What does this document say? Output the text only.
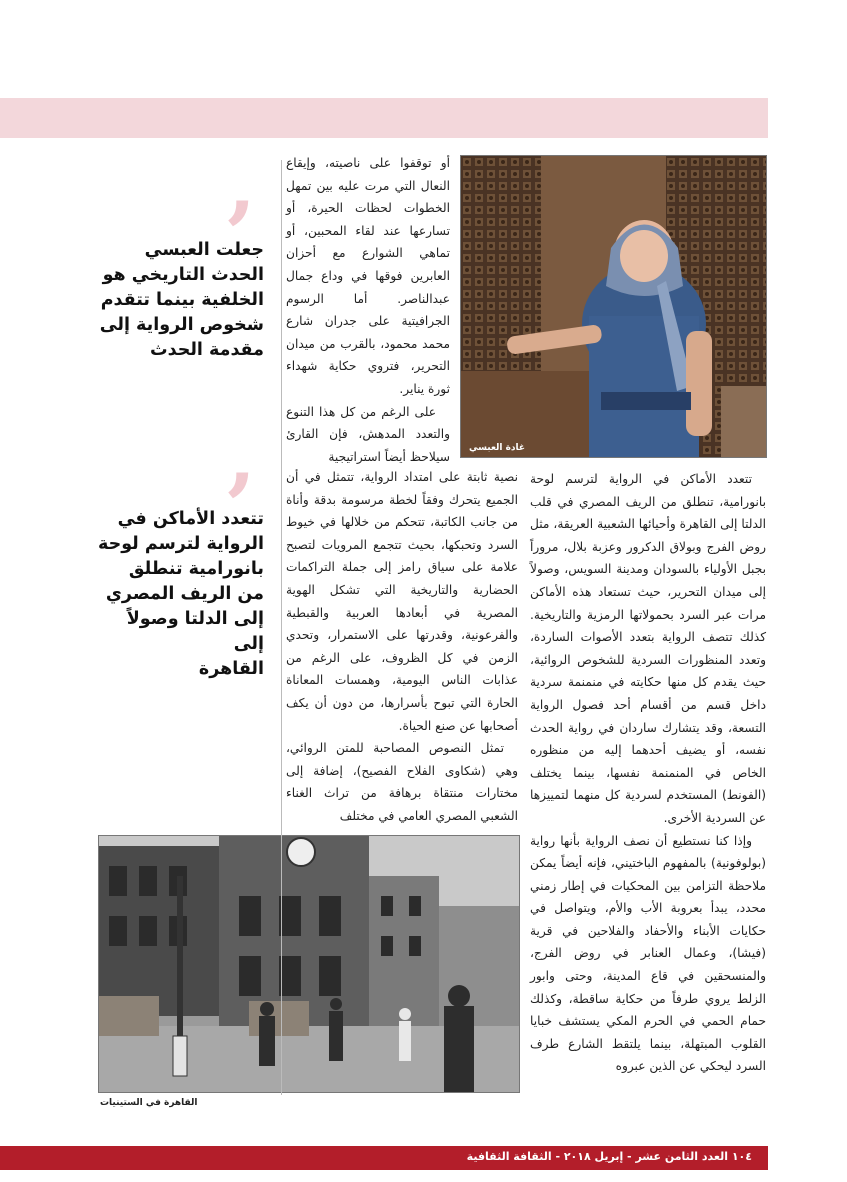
’
جعلت العبسي
الحدث التاريخي هو
الخلفية بينما تتقدم
شخوص الرواية إلى
مقدمة الحدث
’
تتعدد الأماكن في
الرواية لترسم لوحة
بانورامية تنطلق
من الريف المصري
إلى الدلتا وصولاً إلى
القاهرة
غادة العبسي
القاهرة في الستينيات

أو توقفوا على ناصيته، وإيقاع النعال التي مرت عليه بين تمهل الخطوات لحظات الحيرة، أو تسارعها عند لقاء المحبين، أو تماهي الشوارع مع أحزان العابرين فوقها في وداع جمال عبدالناصر. أما الرسوم الجرافيتية على جدران شارع محمد محمود، بالقرب من ميدان التحرير، فتروي حكاية شهداء ثورة يناير.

على الرغم من كل هذا التنوع والتعدد المدهش، فإن القارئ سيلاحظ أيضاً استراتيجية

نصية ثابتة على امتداد الرواية، تتمثل في أن الجميع يتحرك وفقاً لخطة مرسومة بدقة وأناة من جانب الكاتبة، تتحكم من خلالها في خيوط السرد وتحبكها، بحيث تتجمع المرويات لتصبح علامة على سياق رامز إلى جملة التراكمات الحضارية والتاريخية التي تشكل الهوية المصرية في أبعادها العربية والقبطية والفرعونية، وقدرتها على الاستمرار، وتحدي الزمن في كل الظروف، على الرغم من عذابات الناس اليومية، وهمسات المعاناة الحارة التي تبوح بأسرارها، من دون أن يكف أصحابها عن صنع الحياة.

تمثل النصوص المصاحبة للمتن الروائي، وهي (شكاوى الفلاح الفصيح)، إضافة إلى مختارات منتقاة برهافة من تراث الغناء الشعبي المصري العامي في مختلف

تتعدد الأماكن في الرواية لترسم لوحة بانورامية، تنطلق من الريف المصري في قلب الدلتا إلى القاهرة وأحيائها الشعبية العريقة، مثل روض الفرج وبولاق الدكرور وعزبة بلال، مروراً بجبل الأولياء بالسودان ومدينة السويس، وصولاً إلى ميدان التحرير، حيث تستعاد هذه الأماكن مرات عبر السرد بحمولاتها الرمزية والتاريخية. كذلك تتصف الرواية بتعدد الأصوات الساردة، وتعدد المنظورات السردية للشخوص الروائية، حيث يقدم كل منها حكايته في منمنمة سردية داخل قسم من أقسام أحد فصول الرواية التسعة، وقد يتشارك ساردان في رواية الحدث نفسه، أو يضيف أحدهما إليه من منظوره الخاص في المنمنمة نفسها، بينما يختلف (الفونط) المستخدم لسردية كل منهما لتمييزها عن السردية الأخرى.

وإذا كنا نستطيع أن نصف الرواية بأنها رواية (بولوفونية) بالمفهوم الباختيني، فإنه أيضاً يمكن ملاحظة التزامن بين المحكيات في إطار زمني محدد، يبدأ بعروبة الأب والأم، ويتواصل في حكايات الأبناء والأحفاد والفلاحين في قرية (فيشا)، وعمال العنابر في روض الفرج، والمنسحقين في قاع المدينة، وحتى وابور الزلط يروي طرفاً من حكاية ساقطة، وكذلك حمام الحمي في الحرم المكي يستشف خبايا القلوب المبتهلة، بينما يلتقط الشارع طرف السرد ليحكي عن الذين عبروه

١٠٤ العدد الثامن عشر - إبريل ٢٠١٨ - الثقافة الثقافية
